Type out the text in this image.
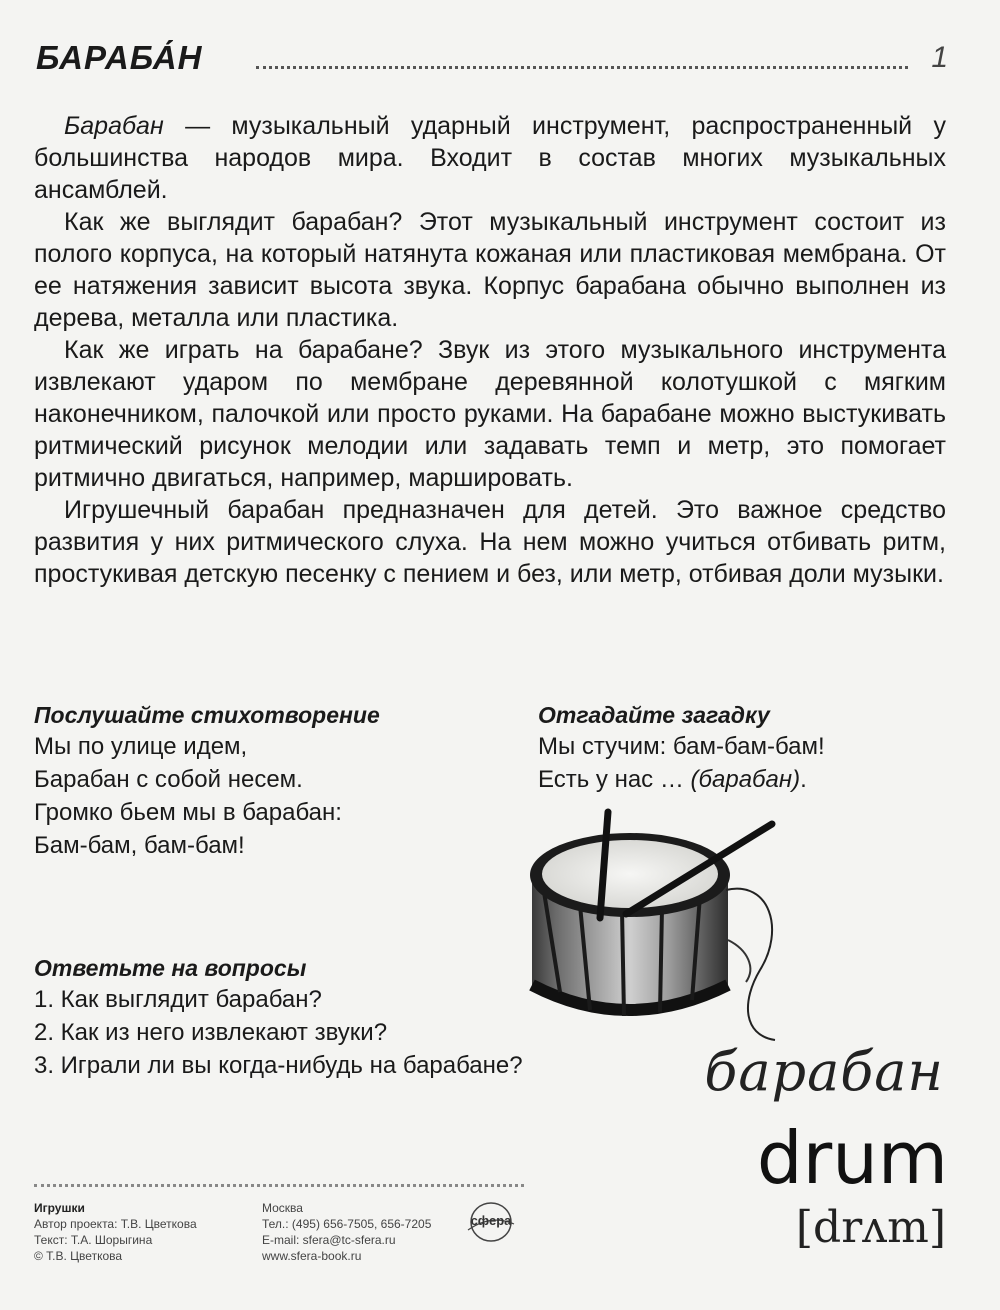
БАРАБА́Н	1

Барабан — музыкальный ударный инструмент, распространенный у большинства народов мира. Входит в состав многих музыкальных ансамблей.

Как же выглядит барабан? Этот музыкальный инструмент состоит из полого корпуса, на который натянута кожаная или пластиковая мембрана. От ее натяжения зависит высота звука. Корпус барабана обычно выполнен из дерева, металла или пластика.

Как же играть на барабане? Звук из этого музыкального инструмента извлекают ударом по мембране деревянной колотушкой с мягким наконечником, палочкой или просто руками. На барабане можно выстукивать ритмический рисунок мелодии или задавать темп и метр, это помогает ритмично двигаться, например, маршировать.

Игрушечный барабан предназначен для детей. Это важное средство развития у них ритмического слуха. На нем можно учиться отбивать ритм, простукивая детскую песенку с пением и без, или метр, отбивая доли музыки.

Послушайте стихотворение

Мы по улице идем,

Барабан с собой несем.

Громко бьем мы в барабан:

Бам-бам, бам-бам!

Отгадайте загадку

Мы стучим: бам-бам-бам!

Есть у нас … (барабан).

Ответьте на вопросы

1. Как выглядит барабан?

2. Как из него извлекают звуки?

3. Играли ли вы когда-нибудь на барабане?	барабан
drum
[drʌm]
Игрушки
Автор проекта: Т.В. Цветкова
Текст: Т.А. Шорыгина
© Т.В. Цветкова
Москва
Тел.: (495) 656-7505, 656-7205
E-mail: sfera@tc-sfera.ru
www.sfera-book.ru
сфера
